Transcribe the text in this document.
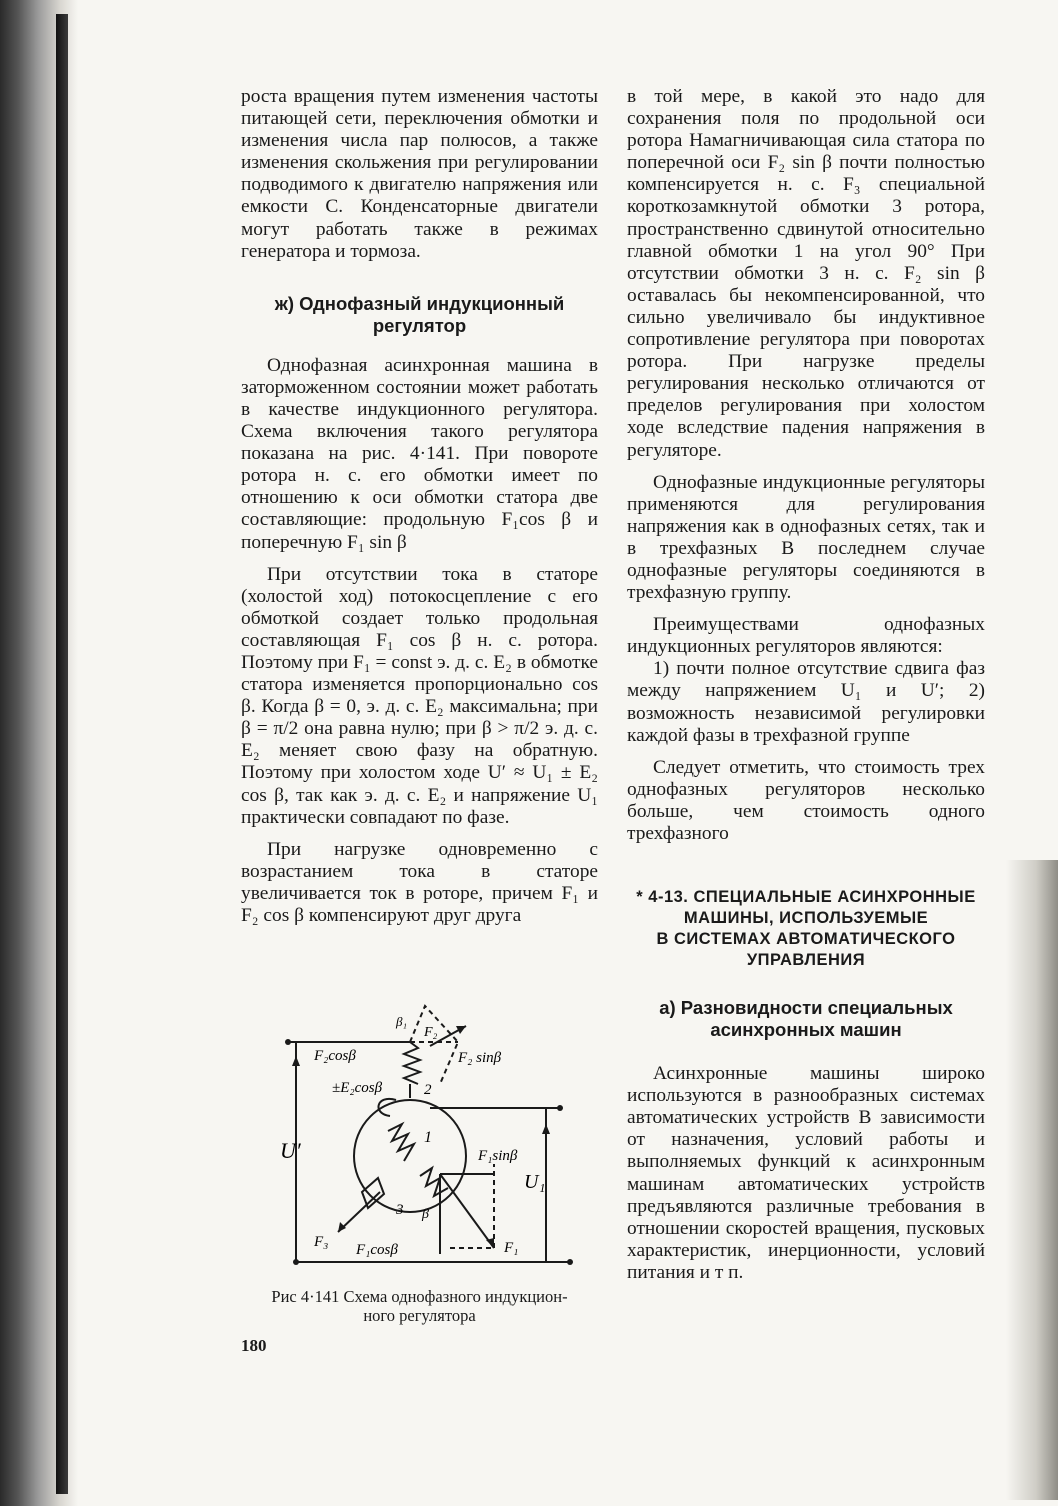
роста вращения путем изменения частоты питающей сети, переключения обмотки и изменения числа пар полюсов, а также изменения скольжения при регулировании подводимого к двигателю напряжения или емкости C. Конденсаторные двигатели могут работать также в режимах генератора и тормоза.

ж) Однофазный индукционный
регулятор

Однофазная асинхронная машина в заторможенном состоянии может работать в качестве индукционного регулятора. Схема включения такого регулятора показана на рис. 4·141. При повороте ротора н. с. его обмотки имеет по отношению к оси обмотки статора две составляющие: продольную F₁cos β и поперечную F₁ sin β

При отсутствии тока в статоре (холостой ход) потокосцепление с его обмоткой создает только продольная составляющая F₁ cos β н. с. ротора. Поэтому при F₁ = const э. д. с. E₂ в обмотке статора изменяется пропорционально cos β. Когда β = 0, э. д. с. E₂ максимальна; при β = π/2 она равна нулю; при β > π/2 э. д. с. E₂ меняет свою фазу на обратную. Поэтому при холостом ходе U′ ≈ U₁ ± E₂ cos β, так как э. д. с. E₂ и напряжение U₁ практически совпадают по фазе.

При нагрузке одновременно с возрастанием тока в статоре увеличивается ток в роторе, причем F₁ и F₂ cos β компенсируют друг друга

F₂cosβ	F₂ sinβ
F₂
β₁
±E₂cosβ	2
1
3
U′
U₁
F₁sinβ
β
F₃ F₁cosβ	F₁
Рис 4·141 Схема однофазного индукцион-
ного регулятора
180

в той мере, в какой это надо для сохранения поля по продольной оси ротора Намагничивающая сила статора по поперечной оси F₂ sin β почти полностью компенсируется н. с. F₃ специальной короткозамкнутой обмотки 3 ротора, пространственно сдвинутой относительно главной обмотки 1 на угол 90° При отсутствии обмотки 3 н. с. F₂ sin β оставалась бы некомпенсированной, что сильно увеличивало бы индуктивное сопротивление регулятора при поворотах ротора. При нагрузке пределы регулирования несколько отличаются от пределов регулирования при холостом ходе вследствие падения напряжения в регуляторе.

Однофазные индукционные регуляторы применяются для регулирования напряжения как в однофазных сетях, так и в трехфазных В последнем случае однофазные регуляторы соединяются в трехфазную группу.

Преимуществами однофазных индукционных регуляторов являются:

1) почти полное отсутствие сдвига фаз между напряжением U₁ и U′; 2) возможность независимой регулировки каждой фазы в трехфазной группе

Следует отметить, что стоимость трех однофазных регуляторов несколько больше, чем стоимость одного трехфазного

* 4-13. СПЕЦИАЛЬНЫЕ АСИНХРОННЫЕ
МАШИНЫ, ИСПОЛЬЗУЕМЫЕ
В СИСТЕМАХ АВТОМАТИЧЕСКОГО
УПРАВЛЕНИЯ
а) Разновидности специальных
асинхронных машин

Асинхронные машины широко используются в разнообразных системах автоматических устройств В зависимости от назначения, условий работы и выполняемых функций к асинхронным машинам автоматических устройств предъявляются различные требования в отношении скоростей вращения, пусковых характеристик, инерционности, условий питания и т п.
